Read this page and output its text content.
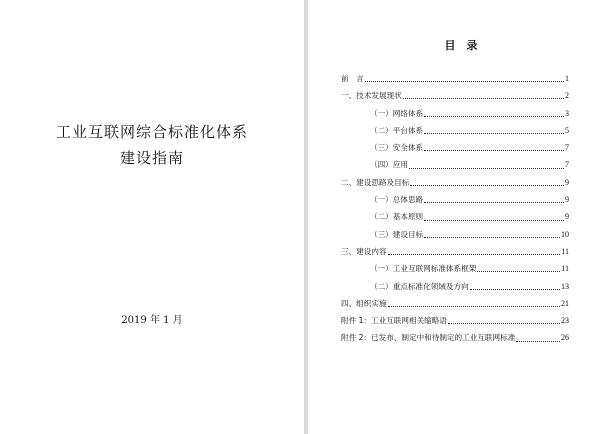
工业互联网综合标准化体系
建设指南
2019 年 1 月
目　录
前　言	1
一、技术发展现状	2
（一）网络体系	3
（二）平台体系	5
（三）安全体系	7
（四）应用	7
二、建设思路及目标	9
（一）总体思路	9
（二）基本原则	9
（三）建设目标	10
三、建设内容	11
（一）工业互联网标准体系框架	11
（二）重点标准化领域及方向	13
四、组织实施	21
附件 1：工业互联网相关缩略语	23
附件 2：已发布、制定中和待制定的工业互联网标准	26
